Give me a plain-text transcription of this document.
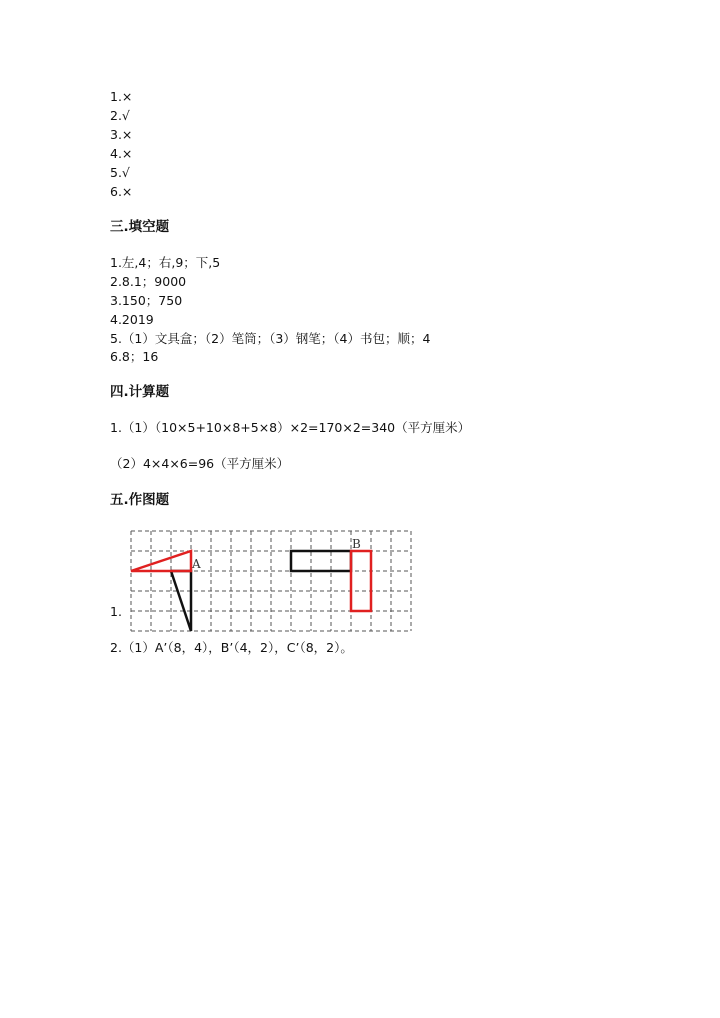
1.×
2.√
3.×
4.×
5.√
6.×
三.填空题
1.左,4；右,9；下,5
2.8.1；9000
3.150；750
4.2019
5.（1）文具盒；（2）笔筒；（3）钢笔；（4）书包；顺；4
6.8；16
四.计算题
1.（1）（10×5+10×8+5×8）×2=170×2=340（平方厘米）
（2）4×4×6=96（平方厘米）
五.作图题
A
B
1.
2.（1）A’（8，4），B’（4，2），C’（8，2）。
